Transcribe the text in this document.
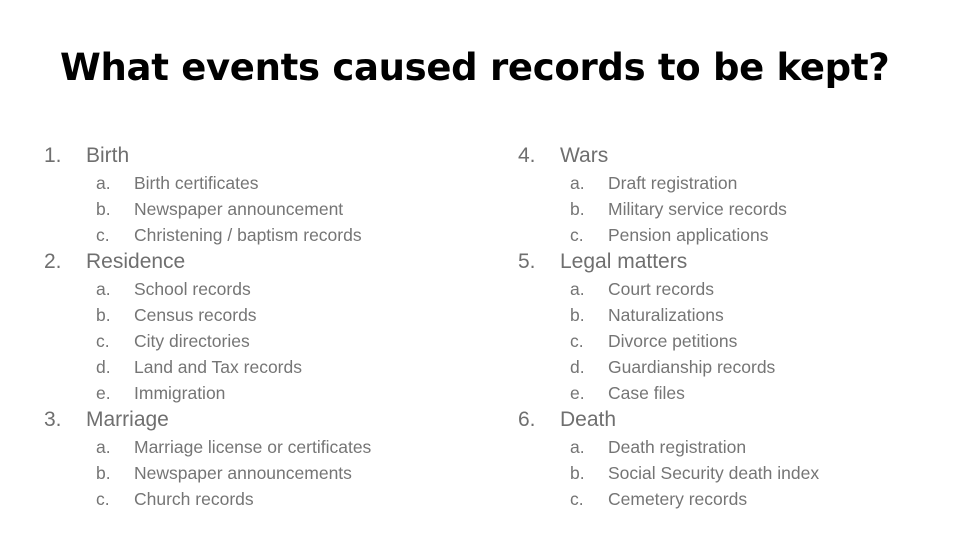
What events caused records to be kept?
1.	Birth
a.	Birth certificates
b.	Newspaper announcement
c.	Christening / baptism records
2.	Residence
a.	School records
b.	Census records
c.	City directories
d.	Land and Tax records
e.	Immigration
3.	Marriage
a.	Marriage license or certificates
b.	Newspaper announcements
c.	Church records
4.	Wars
a.	Draft registration
b.	Military service records
c.	Pension applications
5.	Legal matters
a.	Court records
b.	Naturalizations
c.	Divorce petitions
d.	Guardianship records
e.	Case files
6.	Death
a.	Death registration
b.	Social Security death index
c.	Cemetery records
